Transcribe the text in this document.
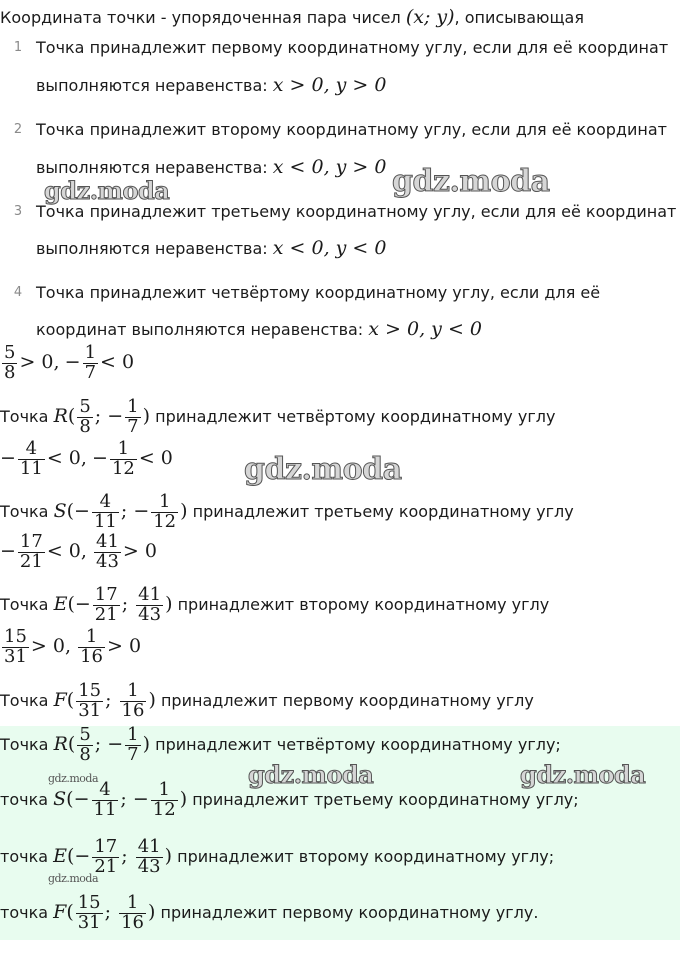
Координата точки - упорядоченная пара чисел (x; y), описывающая
1 Точка принадлежит первому координатному углу, если для её координат
выполняются неравенства: x > 0, y > 0
2 Точка принадлежит второму координатному углу, если для её координат
выполняются неравенства: x < 0, y > 0
3 Точка принадлежит третьему координатному углу, если для её координат
выполняются неравенства: x < 0, y < 0
4 Точка принадлежит четвёртому координатному углу, если для её
координат выполняются неравенства: x > 0, y < 0
$\frac{5}{8} > 0$, − $\frac{1}{7} < 0$
Точка $R( \frac{5}{8}$ ; − $\frac{1}{7}$ ) принадлежит четвёртому координатному углу
− $\frac{4}{11} < 0$, − $\frac{1}{12} < 0$
Точка $S(- \frac{4}{11}$ ; − $\frac{1}{12}$ ) принадлежит третьему координатному углу
− $\frac{17}{21} < 0$, $\frac{41}{43} > 0$
Точка $E(- \frac{17}{21}$ ; $\frac{41}{43}$ ) принадлежит второму координатному углу
$\frac{15}{31} > 0$, $\frac{1}{16} > 0$
Точка $F( \frac{15}{31}$ ; $\frac{1}{16}$ ) принадлежит первому координатному углу
Точка $R( \frac{5}{8}$ ; − $\frac{1}{7}$ ) принадлежит четвёртому координатному углу;
точка $S(- \frac{4}{11}$ ; − $\frac{1}{12}$ ) принадлежит третьему координатному углу;
точка $E(- \frac{17}{21}$ ; $\frac{41}{43}$ ) принадлежит второму координатному углу;
точка $F( \frac{15}{31}$ ; $\frac{1}{16}$ ) принадлежит первому координатному углу.
gdz.moda	gdz.moda
gdz.moda
gdz.moda	gdz.moda
gdz.moda
gdz.moda
